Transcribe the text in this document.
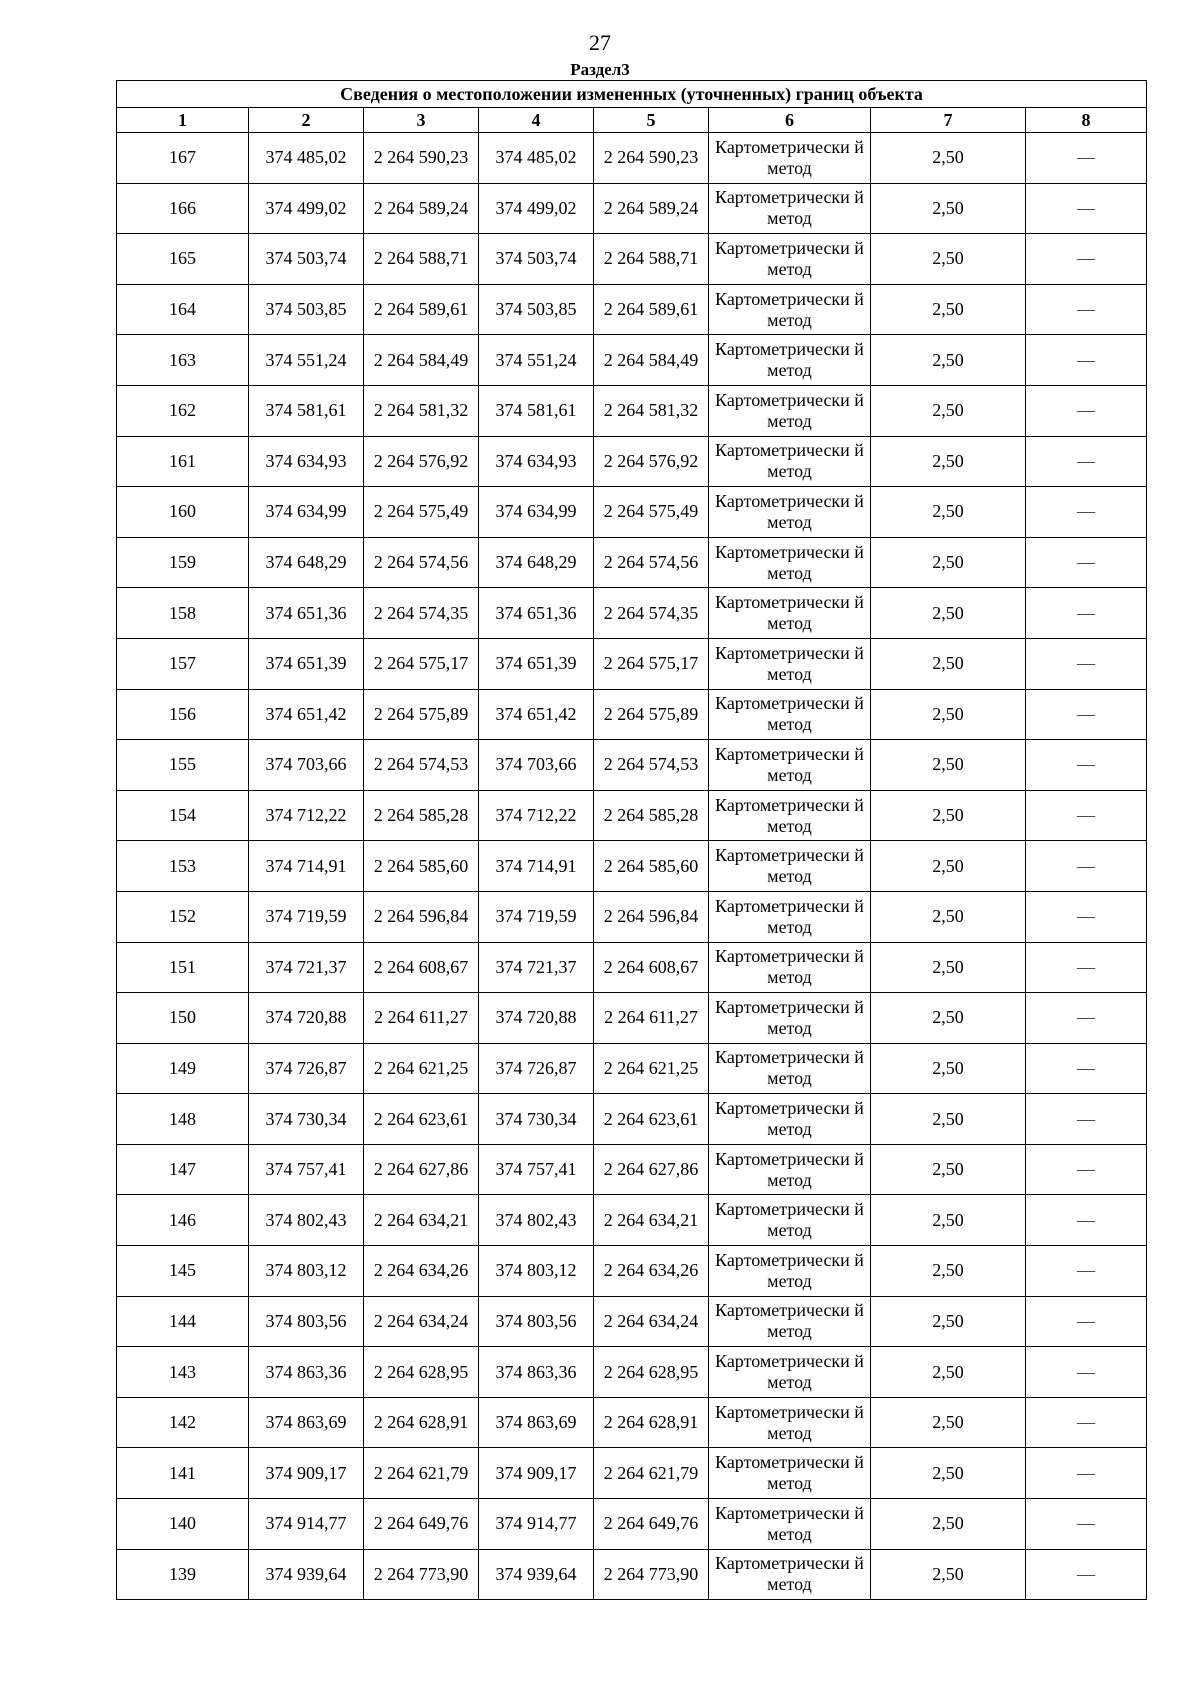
27
Раздел3
Сведения о местоположении измененных (уточненных) границ объекта							
1	2	3	4	5	6	7	8
167	374 485,02	2 264 590,23	374 485,02	2 264 590,23	Картометрически й метод	2,50	—
166	374 499,02	2 264 589,24	374 499,02	2 264 589,24	Картометрически й метод	2,50	—
165	374 503,74	2 264 588,71	374 503,74	2 264 588,71	Картометрически й метод	2,50	—
164	374 503,85	2 264 589,61	374 503,85	2 264 589,61	Картометрически й метод	2,50	—
163	374 551,24	2 264 584,49	374 551,24	2 264 584,49	Картометрически й метод	2,50	—
162	374 581,61	2 264 581,32	374 581,61	2 264 581,32	Картометрически й метод	2,50	—
161	374 634,93	2 264 576,92	374 634,93	2 264 576,92	Картометрически й метод	2,50	—
160	374 634,99	2 264 575,49	374 634,99	2 264 575,49	Картометрически й метод	2,50	—
159	374 648,29	2 264 574,56	374 648,29	2 264 574,56	Картометрически й метод	2,50	—
158	374 651,36	2 264 574,35	374 651,36	2 264 574,35	Картометрически й метод	2,50	—
157	374 651,39	2 264 575,17	374 651,39	2 264 575,17	Картометрически й метод	2,50	—
156	374 651,42	2 264 575,89	374 651,42	2 264 575,89	Картометрически й метод	2,50	—
155	374 703,66	2 264 574,53	374 703,66	2 264 574,53	Картометрически й метод	2,50	—
154	374 712,22	2 264 585,28	374 712,22	2 264 585,28	Картометрически й метод	2,50	—
153	374 714,91	2 264 585,60	374 714,91	2 264 585,60	Картометрически й метод	2,50	—
152	374 719,59	2 264 596,84	374 719,59	2 264 596,84	Картометрически й метод	2,50	—
151	374 721,37	2 264 608,67	374 721,37	2 264 608,67	Картометрически й метод	2,50	—
150	374 720,88	2 264 611,27	374 720,88	2 264 611,27	Картометрически й метод	2,50	—
149	374 726,87	2 264 621,25	374 726,87	2 264 621,25	Картометрически й метод	2,50	—
148	374 730,34	2 264 623,61	374 730,34	2 264 623,61	Картометрически й метод	2,50	—
147	374 757,41	2 264 627,86	374 757,41	2 264 627,86	Картометрически й метод	2,50	—
146	374 802,43	2 264 634,21	374 802,43	2 264 634,21	Картометрически й метод	2,50	—
145	374 803,12	2 264 634,26	374 803,12	2 264 634,26	Картометрически й метод	2,50	—
144	374 803,56	2 264 634,24	374 803,56	2 264 634,24	Картометрически й метод	2,50	—
143	374 863,36	2 264 628,95	374 863,36	2 264 628,95	Картометрически й метод	2,50	—
142	374 863,69	2 264 628,91	374 863,69	2 264 628,91	Картометрически й метод	2,50	—
141	374 909,17	2 264 621,79	374 909,17	2 264 621,79	Картометрически й метод	2,50	—
140	374 914,77	2 264 649,76	374 914,77	2 264 649,76	Картометрически й метод	2,50	—
139	374 939,64	2 264 773,90	374 939,64	2 264 773,90	Картометрически й метод	2,50	—
